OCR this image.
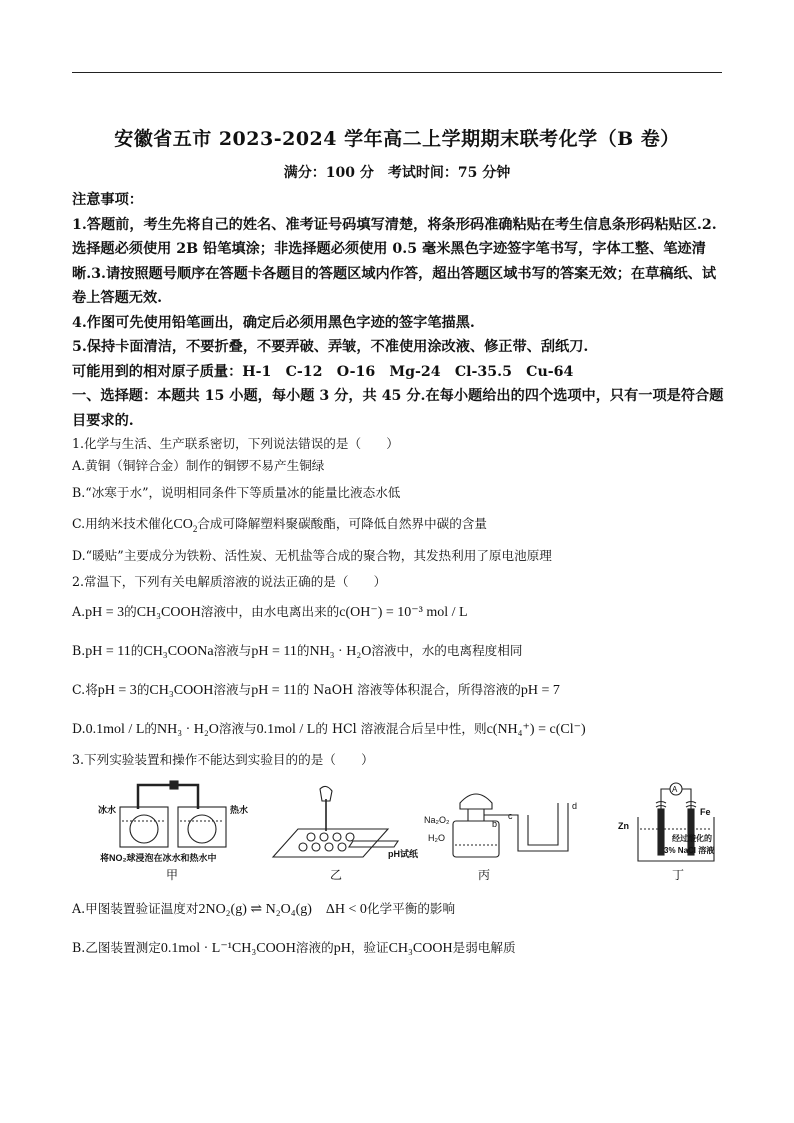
安徽省五市 2023-2024 学年高二上学期期末联考化学（B 卷）
满分：100 分　考试时间：75 分钟
注意事项：
1.答题前，考生先将自己的姓名、准考证号码填写清楚，将条形码准确粘贴在考生信息条形码粘贴区.2.选择题必须使用 2B 铅笔填涂；非选择题必须使用 0.5 毫米黑色字迹签字笔书写，字体工整、笔迹清晰.3.请按照题号顺序在答题卡各题目的答题区域内作答，超出答题区域书写的答案无效；在草稿纸、试卷上答题无效.
4.作图可先使用铅笔画出，确定后必须用黑色字迹的签字笔描黑.
5.保持卡面清洁，不要折叠，不要弄破、弄皱，不准使用涂改液、修正带、刮纸刀.
可能用到的相对原子质量：H-1　C-12　O-16　Mg-24　Cl-35.5　Cu-64
一、选择题：本题共 15 小题，每小题 3 分，共 45 分.在每小题给出的四个选项中，只有一项是符合题目要求的.
1.化学与生活、生产联系密切，下列说法错误的是（　　）
A.黄铜（铜锌合金）制作的铜锣不易产生铜绿
B.“冰寒于水”，说明相同条件下等质量冰的能量比液态水低
C.用纳米技术催化$CO_2$合成可降解塑料聚碳酸酯，可降低自然界中碳的含量
D.“暖贴”主要成分为铁粉、活性炭、无机盐等合成的聚合物，其发热利用了原电池原理
2.常温下，下列有关电解质溶液的说法正确的是（　　）
A.pH = 3的CH₃COOH溶液中，由水电离出来的c(OH⁻) = 10⁻³ mol / L
B.pH = 11的CH₃COONa溶液与pH = 11的NH₃ · H₂O溶液中，水的电离程度相同
C.将pH = 3的CH₃COOH溶液与pH = 11的 NaOH 溶液等体积混合，所得溶液的pH = 7
D.0.1mol / L的NH₃ · H₂O溶液与0.1mol / L的 HCl 溶液混合后呈中性，则c(NH₄⁺) = c(Cl⁻)
3.下列实验装置和操作不能达到实验目的的是（　　）
冰水	热水
将NO₂球浸泡在冰水和热水中
甲
pH试纸
乙
Na₂O₂
H₂O
b
c
d
丙
A
Zn
Fe
经过酸化的
3% NaCl 溶液
丁
A.甲图装置验证温度对2NO₂(g) ⇌ N₂O₄(g)　ΔH < 0化学平衡的影响
B.乙图装置测定0.1mol · L⁻¹CH₃COOH溶液的pH，验证CH₃COOH是弱电解质
